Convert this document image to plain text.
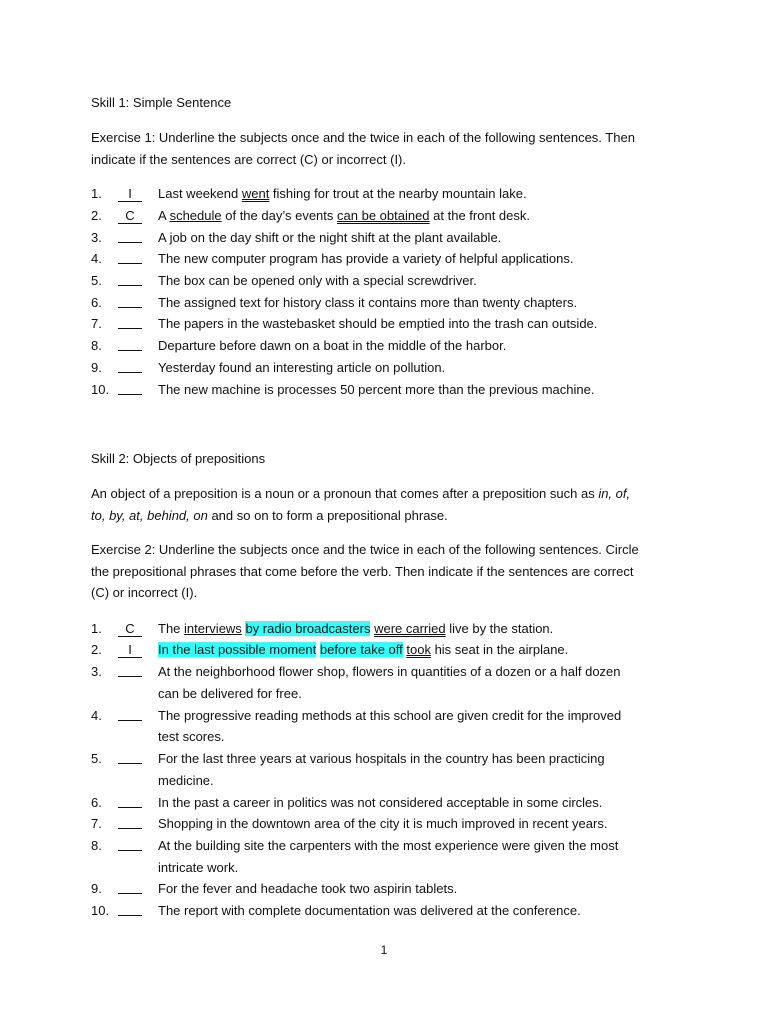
Skill 1: Simple Sentence
Exercise 1: Underline the subjects once and the twice in each of the following sentences. Then
indicate if the sentences are correct (C) or incorrect (I).
1.	I	Last weekend went fishing for trout at the nearby mountain lake.
2.	C	A schedule of the day’s events can be obtained at the front desk.
3.	A job on the day shift or the night shift at the plant available.
4.	The new computer program has provide a variety of helpful applications.
5.	The box can be opened only with a special screwdriver.
6.	The assigned text for history class it contains more than twenty chapters.
7.	The papers in the wastebasket should be emptied into the trash can outside.
8.	Departure before dawn on a boat in the middle of the harbor.
9.	Yesterday found an interesting article on pollution.
10.	The new machine is processes 50 percent more than the previous machine.
Skill 2: Objects of prepositions
An object of a preposition is a noun or a pronoun that comes after a preposition such as in, of,
to, by, at, behind, on and so on to form a prepositional phrase.
Exercise 2: Underline the subjects once and the twice in each of the following sentences. Circle
the prepositional phrases that come before the verb. Then indicate if the sentences are correct
(C) or incorrect (I).
1.	C	The interviews by radio broadcasters were carried live by the station.
2.	I	In the last possible moment before take off took his seat in the airplane.
3.	At the neighborhood flower shop, flowers in quantities of a dozen or a half dozen
can be delivered for free.
4.	The progressive reading methods at this school are given credit for the improved
test scores.
5.	For the last three years at various hospitals in the country has been practicing
medicine.
6.	In the past a career in politics was not considered acceptable in some circles.
7.	Shopping in the downtown area of the city it is much improved in recent years.
8.	At the building site the carpenters with the most experience were given the most
intricate work.
9.	For the fever and headache took two aspirin tablets.
10.	The report with complete documentation was delivered at the conference.
1
